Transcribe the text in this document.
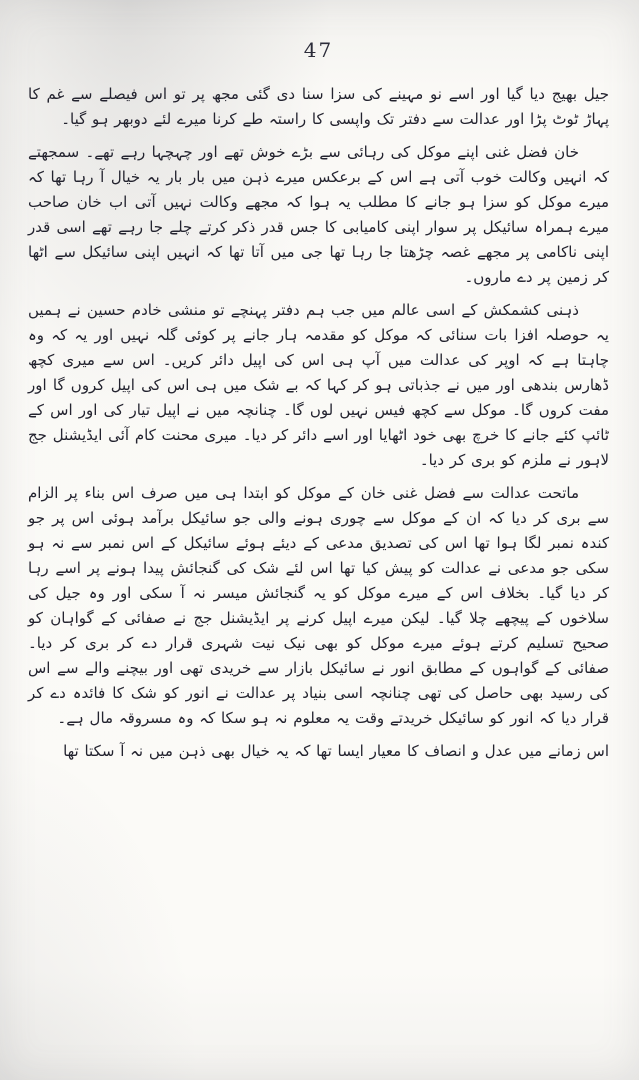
47

جیل بھیج دیا گیا اور اسے نو مہینے کی سزا سنا دی گئی مجھ پر تو اس فیصلے سے غم کا پہاڑ ٹوٹ پڑا اور عدالت سے دفتر تک واپسی کا راستہ طے کرنا میرے لئے دوبھر ہو گیا۔

خان فضل غنی اپنے موکل کی رہائی سے بڑے خوش تھے اور چہچہا رہے تھے۔ سمجھتے کہ انہیں وکالت خوب آتی ہے اس کے برعکس میرے ذہن میں بار بار یہ خیال آ رہا تھا کہ میرے موکل کو سزا ہو جانے کا مطلب یہ ہوا کہ مجھے وکالت نہیں آتی اب خان صاحب میرے ہمراہ سائیکل پر سوار اپنی کامیابی کا جس قدر ذکر کرتے چلے جا رہے تھے اسی قدر اپنی ناکامی پر مجھے غصہ چڑھتا جا رہا تھا جی میں آتا تھا کہ انہیں اپنی سائیکل سے اٹھا کر زمین پر دے ماروں۔

ذہنی کشمکش کے اسی عالم میں جب ہم دفتر پہنچے تو منشی خادم حسین نے ہمیں یہ حوصلہ افزا بات سنائی کہ موکل کو مقدمہ ہار جانے پر کوئی گلہ نہیں اور یہ کہ وہ چاہتا ہے کہ اوپر کی عدالت میں آپ ہی اس کی اپیل دائر کریں۔ اس سے میری کچھ ڈھارس بندھی اور میں نے جذباتی ہو کر کہا کہ بے شک میں ہی اس کی اپیل کروں گا اور مفت کروں گا۔ موکل سے کچھ فیس نہیں لوں گا۔ چنانچہ میں نے اپیل تیار کی اور اس کے ٹائپ کئے جانے کا خرچ بھی خود اٹھایا اور اسے دائر کر دیا۔ میری محنت کام آئی ایڈیشنل جج لاہور نے ملزم کو بری کر دیا۔

ماتحت عدالت سے فضل غنی خان کے موکل کو ابتدا ہی میں صرف اس بناء پر الزام سے بری کر دیا کہ ان کے موکل سے چوری ہونے والی جو سائیکل برآمد ہوئی اس پر جو کندہ نمبر لگا ہوا تھا اس کی تصدیق مدعی کے دیئے ہوئے سائیکل کے اس نمبر سے نہ ہو سکی جو مدعی نے عدالت کو پیش کیا تھا اس لئے شک کی گنجائش پیدا ہونے پر اسے رہا کر دیا گیا۔ بخلاف اس کے میرے موکل کو یہ گنجائش میسر نہ آ سکی اور وہ جیل کی سلاخوں کے پیچھے چلا گیا۔ لیکن میرے اپیل کرنے پر ایڈیشنل جج نے صفائی کے گواہان کو صحیح تسلیم کرتے ہوئے میرے موکل کو بھی نیک نیت شہری قرار دے کر بری کر دیا۔ صفائی کے گواہوں کے مطابق انور نے سائیکل بازار سے خریدی تھی اور بیچنے والے سے اس کی رسید بھی حاصل کی تھی چنانچہ اسی بنیاد پر عدالت نے انور کو شک کا فائدہ دے کر قرار دیا کہ انور کو سائیکل خریدتے وقت یہ معلوم نہ ہو سکا کہ وہ مسروقہ مال ہے۔

اس زمانے میں عدل و انصاف کا معیار ایسا تھا کہ یہ خیال بھی ذہن میں نہ آ سکتا تھا
